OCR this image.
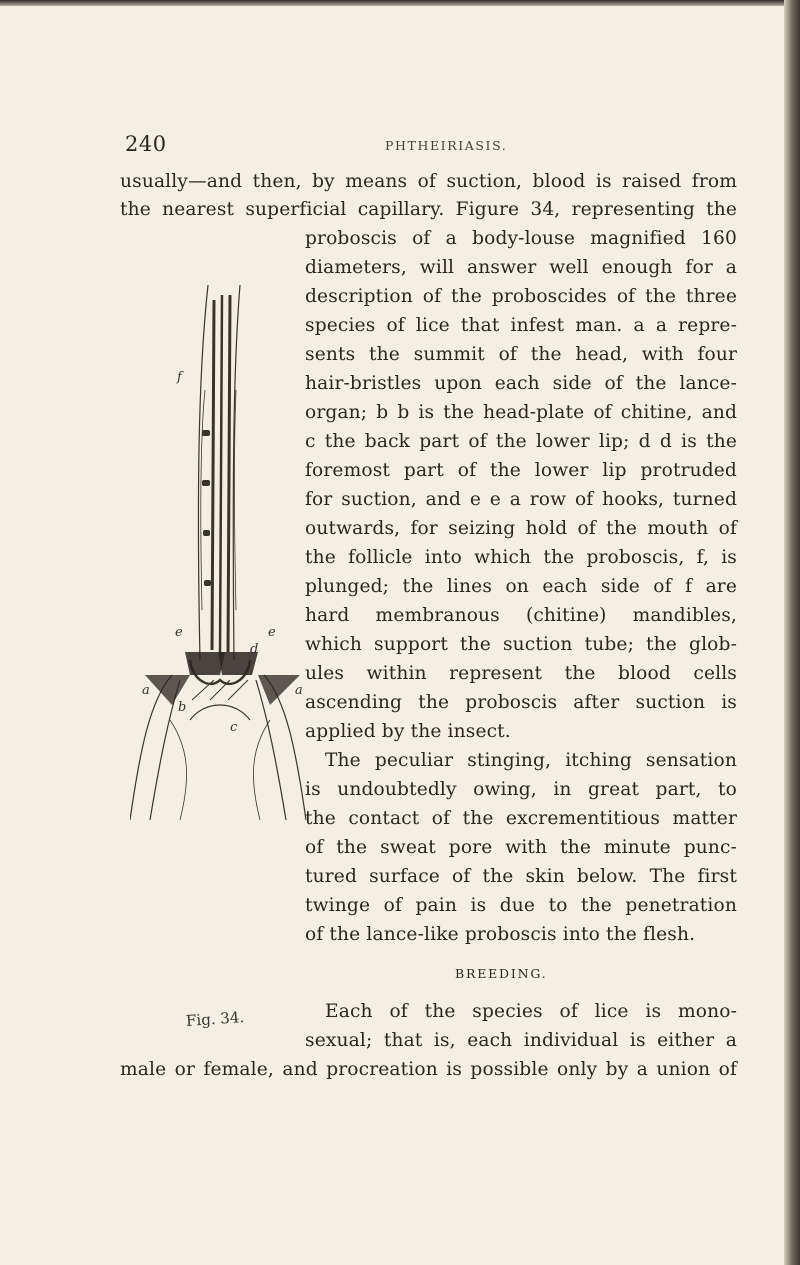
240	PHTHEIRIASIS.
usually—and then, by means of suction, blood is raised from
the nearest superficial capillary. Figure 34, representing the
proboscis of a body-louse magnified 160
diameters, will answer well enough for a
description of the proboscides of the three
species of lice that infest man. a a repre-
sents the summit of the head, with four
hair-bristles upon each side of the lance-
organ; b b is the head-plate of chitine, and
c the back part of the lower lip; d d is the
foremost part of the lower lip protruded
for suction, and e e a row of hooks, turned
outwards, for seizing hold of the mouth of
the follicle into which the proboscis, f, is
plunged; the lines on each side of f are
hard membranous (chitine) mandibles,
which support the suction tube; the glob-
ules within represent the blood cells
ascending the proboscis after suction is
applied by the insect.
The peculiar stinging, itching sensation
is undoubtedly owing, in great part, to
the contact of the excrementitious matter
of the sweat pore with the minute punc-
tured surface of the skin below. The first
twinge of pain is due to the penetration
of the lance-like proboscis into the flesh.
BREEDING.
Each of the species of lice is mono-
sexual; that is, each individual is either a
male or female, and procreation is possible only by a union of
f
e	e
d
a	a
b
c
Fig. 34.
